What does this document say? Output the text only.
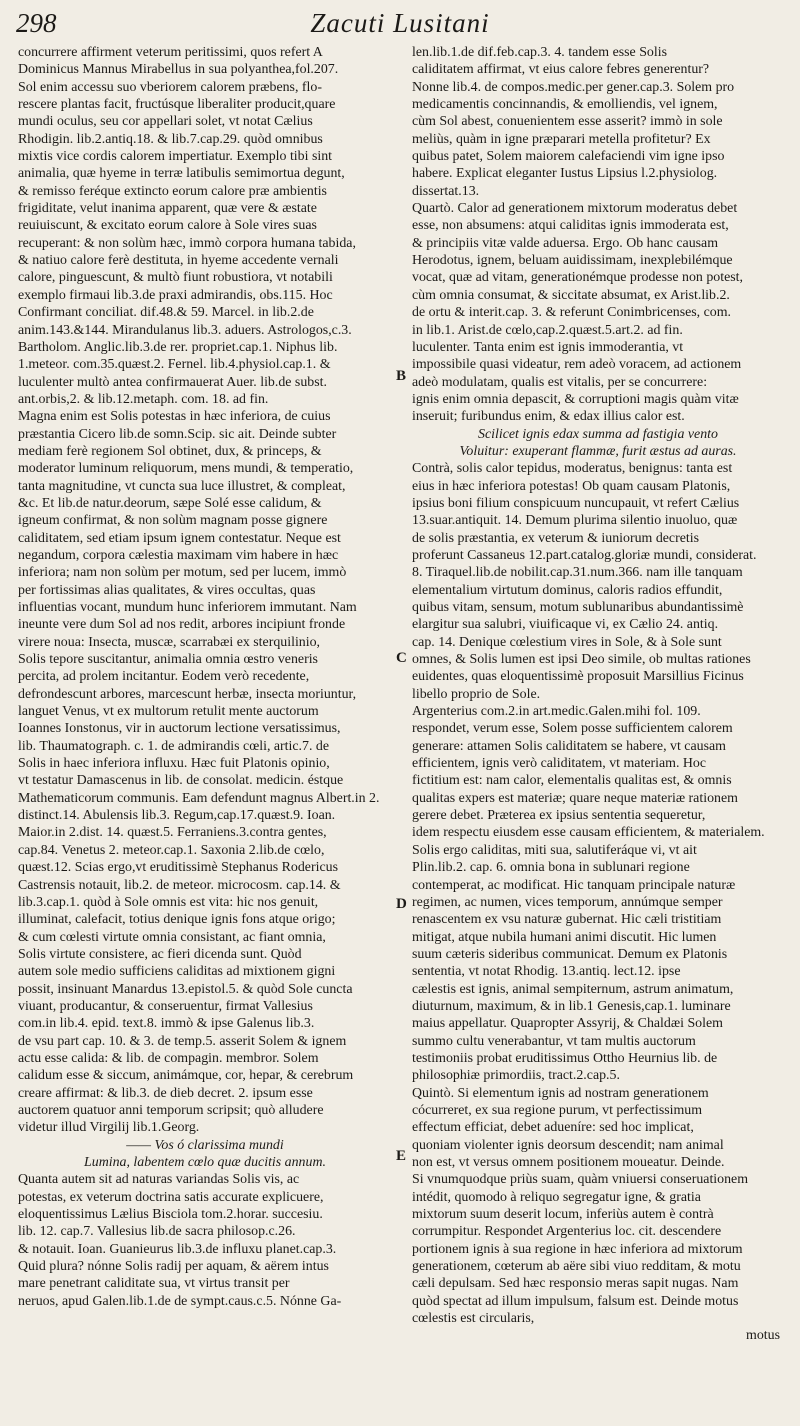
298	Zacuti Lusitani

concurrere affirment veterum peritissimi, quos refert A

Dominicus Mannus Mirabellus in sua polyanthea,fol.207.

Sol enim accessu suo vberiorem calorem præbens, flo-

rescere plantas facit, fructúsque liberaliter producit,quare

mundi oculus, seu cor appellari solet, vt notat Cælius

Rhodigin. lib.2.antiq.18. & lib.7.cap.29. quòd omnibus

mixtis vice cordis calorem impertiatur. Exemplo tibi sint

animalia, quæ hyeme in terræ latibulis semimortua degunt,

& remisso feréque extincto eorum calore præ ambientis

frigiditate, velut inanima apparent, quæ vere & æstate

reuiuiscunt, & excitato eorum calore à Sole vires suas

recuperant: & non solùm hæc, immò corpora humana tabida,

& natiuo calore ferè destituta, in hyeme accedente vernali

calore, pinguescunt, & multò fiunt robustiora, vt notabili

exemplo firmaui lib.3.de praxi admirandis, obs.115. Hoc

Confirmant conciliat. dif.48.& 59. Marcel. in lib.2.de

anim.143.&144. Mirandulanus lib.3. aduers. Astrologos,c.3.

Bartholom. Anglic.lib.3.de rer. propriet.cap.1. Niphus lib.

1.meteor. com.35.quæst.2. Fernel. lib.4.physiol.cap.1. &

luculenter multò antea confirmauerat Auer. lib.de subst.

ant.orbis,2. & lib.12.metaph. com. 18. ad fin.

Magna enim est Solis potestas in hæc inferiora, de cuius

præstantia Cicero lib.de somn.Scip. sic ait. Deinde subter

mediam ferè regionem Sol obtinet, dux, & princeps, &

moderator luminum reliquorum, mens mundi, & temperatio,

tanta magnitudine, vt cuncta sua luce illustret, & compleat,

&c. Et lib.de natur.deorum, sæpe Solé esse calidum, &

igneum confirmat, & non solùm magnam posse gignere

caliditatem, sed etiam ipsum ignem contestatur. Neque est

negandum, corpora cælestia maximam vim habere in hæc

inferiora; nam non solùm per motum, sed per lucem, immò

per fortissimas alias qualitates, & vires occultas, quas

influentias vocant, mundum hunc inferiorem immutant. Nam

ineunte vere dum Sol ad nos redit, arbores incipiunt fronde

virere noua: Insecta, muscæ, scarrabæi ex sterquilinio,

Solis tepore suscitantur, animalia omnia œstro veneris

percita, ad prolem incitantur. Eodem verò recedente,

defrondescunt arbores, marcescunt herbæ, insecta moriuntur,

languet Venus, vt ex multorum retulit mente auctorum

Ioannes Ionstonus, vir in auctorum lectione versatissimus,

lib. Thaumatograph. c. 1. de admirandis cœli, artic.7. de

Solis in haec inferiora influxu. Hæc fuit Platonis opinio,

vt testatur Damascenus in lib. de consolat. medicin. éstque

Mathematicorum communis. Eam defendunt magnus Albert.in 2.

distinct.14. Abulensis lib.3. Regum,cap.17.quæst.9. Ioan.

Maior.in 2.dist. 14. quæst.5. Ferraniens.3.contra gentes,

cap.84. Venetus 2. meteor.cap.1. Saxonia 2.lib.de cœlo,

quæst.12. Scias ergo,vt eruditissimè Stephanus Rodericus

Castrensis notauit, lib.2. de meteor. microcosm. cap.14. &

lib.3.cap.1. quòd à Sole omnis est vita: hic nos genuit,

illuminat, calefacit, totius denique ignis fons atque origo;

& cum cœlesti virtute omnia consistant, ac fiant omnia,

Solis virtute consistere, ac fieri dicenda sunt. Quòd

autem sole medio sufficiens caliditas ad mixtionem gigni

possit, insinuant Manardus 13.epistol.5. & quòd Sole cuncta

viuant, producantur, & conseruentur, firmat Vallesius

com.in lib.4. epid. text.8. immò & ipse Galenus lib.3.

de vsu part cap. 10. & 3. de temp.5. asserit Solem & ignem

actu esse calida: & lib. de compagin. membror. Solem

calidum esse & siccum, animámque, cor, hepar, & cerebrum

creare affirmat: & lib.3. de dieb decret. 2. ipsum esse

auctorem quatuor anni temporum scripsit; quò alludere

videtur illud Virgilij lib.1.Georg.

—— Vos ó clarissima mundi

Lumina, labentem cœlo quæ ducitis annum.

Quanta autem sit ad naturas variandas Solis vis, ac

potestas, ex veterum doctrina satis accurate explicuere,

eloquentissimus Lælius Bisciola tom.2.horar. succesiu.

lib. 12. cap.7. Vallesius lib.de sacra philosop.c.26.

& notauit. Ioan. Guanieurus lib.3.de influxu planet.cap.3.

Quid plura? nónne Solis radij per aquam, & aërem intus

mare penetrant caliditate sua, vt virtus transit per

neruos, apud Galen.lib.1.de de sympt.caus.c.5. Nónne Ga-

len.lib.1.de dif.feb.cap.3. 4. tandem esse Solis

caliditatem affirmat, vt eius calore febres generentur?

Nonne lib.4. de compos.medic.per gener.cap.3. Solem pro

medicamentis concinnandis, & emolliendis, vel ignem,

cùm Sol abest, conuenientem esse asserit? immò in sole

meliùs, quàm in igne præparari metella profitetur? Ex

quibus patet, Solem maiorem calefaciendi vim igne ipso

habere. Explicat eleganter Iustus Lipsius l.2.physiolog.

dissertat.13.

Quartò. Calor ad generationem mixtorum moderatus debet

esse, non absumens: atqui caliditas ignis immoderata est,

& principiis vitæ valde aduersa. Ergo. Ob hanc causam

Herodotus, ignem, beluam auidissimam, inexplebilémque

vocat, quæ ad vitam, generationémque prodesse non potest,

cùm omnia consumat, & siccitate absumat, ex Arist.lib.2.

de ortu & interit.cap. 3. & referunt Conimbricenses, com.

in lib.1. Arist.de cœlo,cap.2.quæst.5.art.2. ad fin.

luculenter. Tanta enim est ignis immoderantia, vt

impossibile quasi videatur, rem adeò voracem, ad actionem

adeò modulatam, qualis est vitalis, per se concurrere:

ignis enim omnia depascit, & corruptioni magis quàm vitæ

inseruit; furibundus enim, & edax illius calor est.

Scilicet ignis edax summa ad fastigia vento

Voluitur: exuperant flammæ, furit æstus ad auras.

Contrà, solis calor tepidus, moderatus, benignus: tanta est

eius in hæc inferiora potestas! Ob quam causam Platonis,

ipsius boni filium conspicuum nuncupauit, vt refert Cælius

13.suar.antiquit. 14. Demum plurima silentio inuoluo, quæ

de solis præstantia, ex veterum & iuniorum decretis

proferunt Cassaneus 12.part.catalog.gloriæ mundi, considerat.

8. Tiraquel.lib.de nobilit.cap.31.num.366. nam ille tanquam

elementalium virtutum dominus, caloris radios effundit,

quibus vitam, sensum, motum sublunaribus abundantissimè

elargitur sua salubri, viuificaque vi, ex Cælio 24. antiq.

cap. 14. Denique cœlestium vires in Sole, & à Sole sunt

omnes, & Solis lumen est ipsi Deo simile, ob multas rationes

euidentes, quas eloquentissimè proposuit Marsillius Ficinus

libello proprio de Sole.

Argenterius com.2.in art.medic.Galen.mihi fol. 109.

respondet, verum esse, Solem posse sufficientem calorem

generare: attamen Solis caliditatem se habere, vt causam

efficientem, ignis verò caliditatem, vt materiam. Hoc

fictitium est: nam calor, elementalis qualitas est, & omnis

qualitas expers est materiæ; quare neque materiæ rationem

gerere debet. Præterea ex ipsius sententia sequeretur,

idem respectu eiusdem esse causam efficientem, & materialem.

Solis ergo caliditas, miti sua, salutiferáque vi, vt ait

Plin.lib.2. cap. 6. omnia bona in sublunari regione

contemperat, ac modificat. Hic tanquam principale naturæ

regimen, ac numen, vices temporum, annúmque semper

renascentem ex vsu naturæ gubernat. Hic cæli tristitiam

mitigat, atque nubila humani animi discutit. Hic lumen

suum cæteris sideribus communicat. Demum ex Platonis

sententia, vt notat Rhodig. 13.antiq. lect.12. ipse

cælestis est ignis, animal sempiternum, astrum animatum,

diuturnum, maximum, & in lib.1 Genesis,cap.1. luminare

maius appellatur. Quapropter Assyrij, & Chaldæi Solem

summo cultu venerabantur, vt tam multis auctorum

testimoniis probat eruditissimus Ottho Heurnius lib. de

philosophiæ primordiis, tract.2.cap.5.

Quintò. Si elementum ignis ad nostram generationem

cócurreret, ex sua regione purum, vt perfectissimum

effectum efficiat, debet adueníre: sed hoc implicat,

quoniam violenter ignis deorsum descendit; nam animal

non est, vt versus omnem positionem moueatur. Deinde.

Si vnumquodque priùs suam, quàm vniuersi conseruationem

intédit, quomodo à reliquo segregatur igne, & gratia

mixtorum suum deserit locum, inferiùs autem è contrà

corrumpitur. Respondet Argenterius loc. cit. descendere

portionem ignis à sua regione in hæc inferiora ad mixtorum

generationem, cœterum ab aëre sibi viuo redditam, & motu

cæli depulsam. Sed hæc responsio meras sapit nugas. Nam

quòd spectat ad illum impulsum, falsum est. Deinde motus

cœlestis est circularis,

motus

B
C
D
E
